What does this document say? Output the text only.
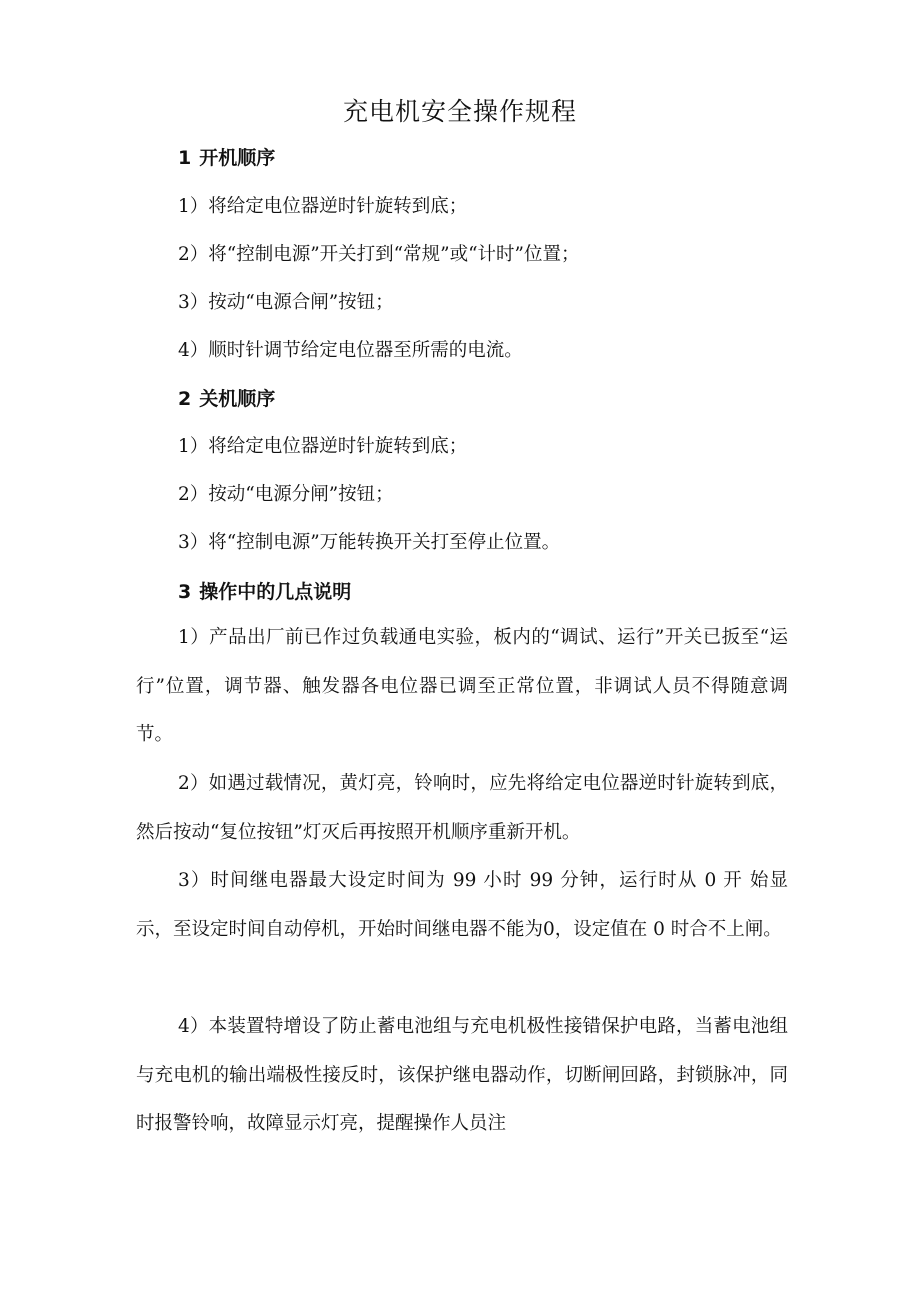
充电机安全操作规程
1 开机顺序

1）将给定电位器逆时针旋转到底；

2）将“控制电源”开关打到“常规”或“计时”位置；

3）按动“电源合闸”按钮；

4）顺时针调节给定电位器至所需的电流。

2 关机顺序

1）将给定电位器逆时针旋转到底；

2）按动“电源分闸”按钮；

3）将“控制电源”万能转换开关打至停止位置。

3 操作中的几点说明

1）产品出厂前已作过负载通电实验，板内的“调试、运行”开关已扳至“运行”位置，调节器、触发器各电位器已调至正常位置，非调试人员不得随意调节。

2）如遇过载情况，黄灯亮，铃响时，应先将给定电位器逆时针旋转到底，然后按动“复位按钮”灯灭后再按照开机顺序重新开机。

3）时间继电器最大设定时间为 99 小时 99 分钟，运行时从 0 开 始显示，至设定时间自动停机，开始时间继电器不能为0，设定值在 0 时合不上闸。

4）本装置特增设了防止蓄电池组与充电机极性接错保护电路，当蓄电池组与充电机的输出端极性接反时，该保护继电器动作，切断闸回路，封锁脉冲，同时报警铃响，故障显示灯亮，提醒操作人员注
